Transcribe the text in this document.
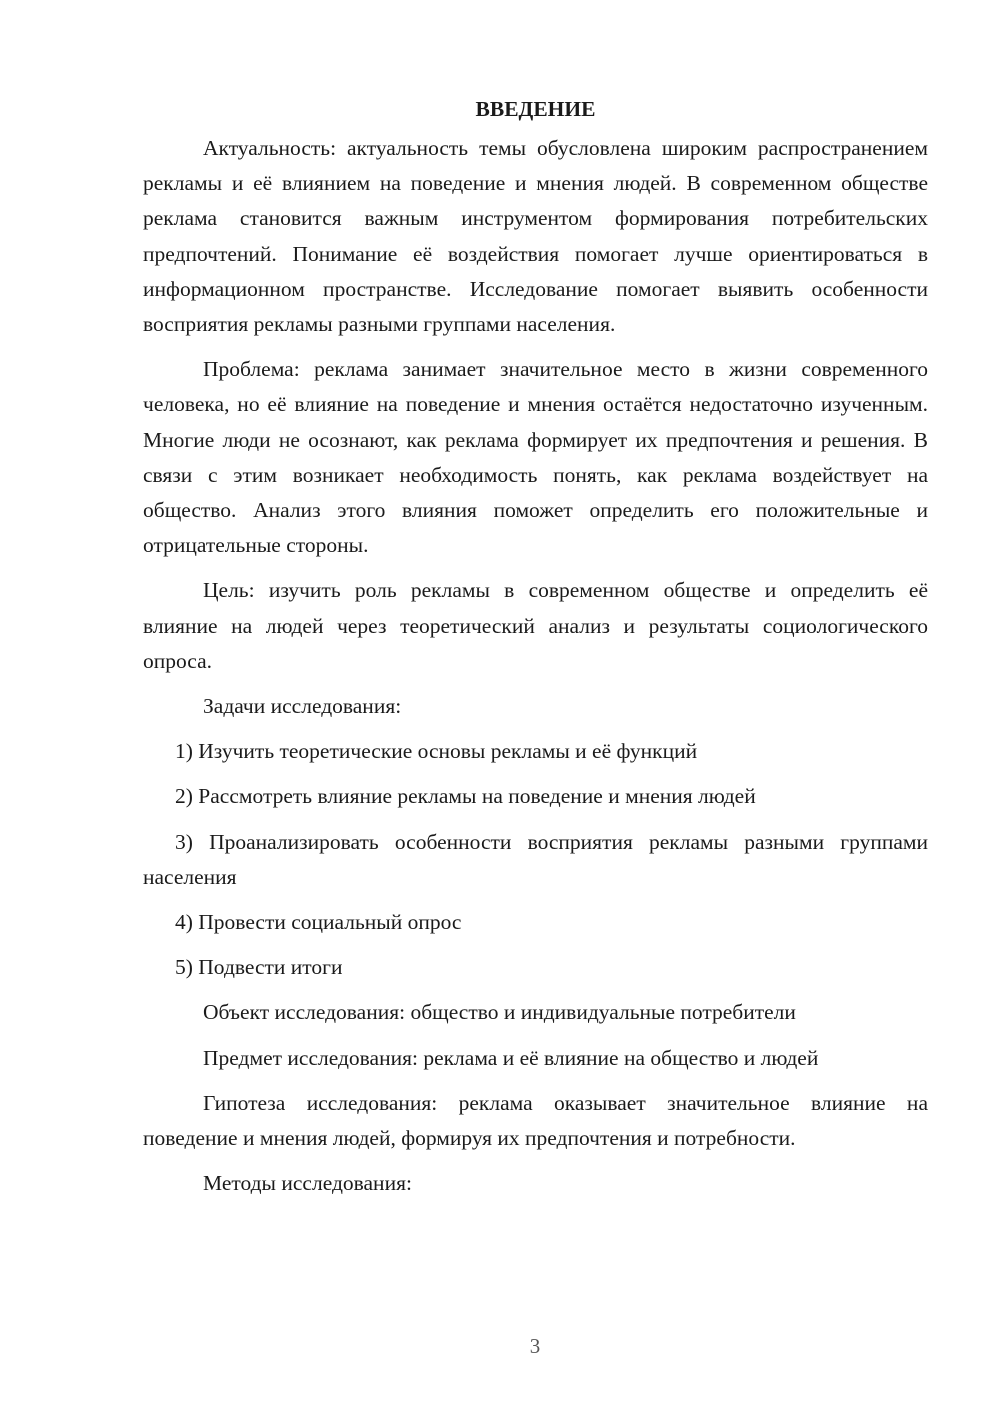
ВВЕДЕНИЕ

Актуальность: актуальность темы обусловлена широким распространением рекламы и её влиянием на поведение и мнения людей. В современном обществе реклама становится важным инструментом формирования потребительских предпочтений. Понимание её воздействия помогает лучше ориентироваться в информационном пространстве. Исследование помогает выявить особенности восприятия рекламы разными группами населения.

Проблема: реклама занимает значительное место в жизни современного человека, но её влияние на поведение и мнения остаётся недостаточно изученным. Многие люди не осознают, как реклама формирует их предпочтения и решения. В связи с этим возникает необходимость понять, как реклама воздействует на общество. Анализ этого влияния поможет определить его положительные и отрицательные стороны.

Цель: изучить роль рекламы в современном обществе и определить её влияние на людей через теоретический анализ и результаты социологического опроса.

Задачи исследования:

1) Изучить теоретические основы рекламы и её функций

2) Рассмотреть влияние рекламы на поведение и мнения людей

3) Проанализировать особенности восприятия рекламы разными группами населения

4) Провести социальный опрос

5) Подвести итоги

Объект исследования: общество и индивидуальные потребители

Предмет исследования: реклама и её влияние на общество и людей

Гипотеза исследования: реклама оказывает значительное влияние на поведение и мнения людей, формируя их предпочтения и потребности.

Методы исследования:

3
